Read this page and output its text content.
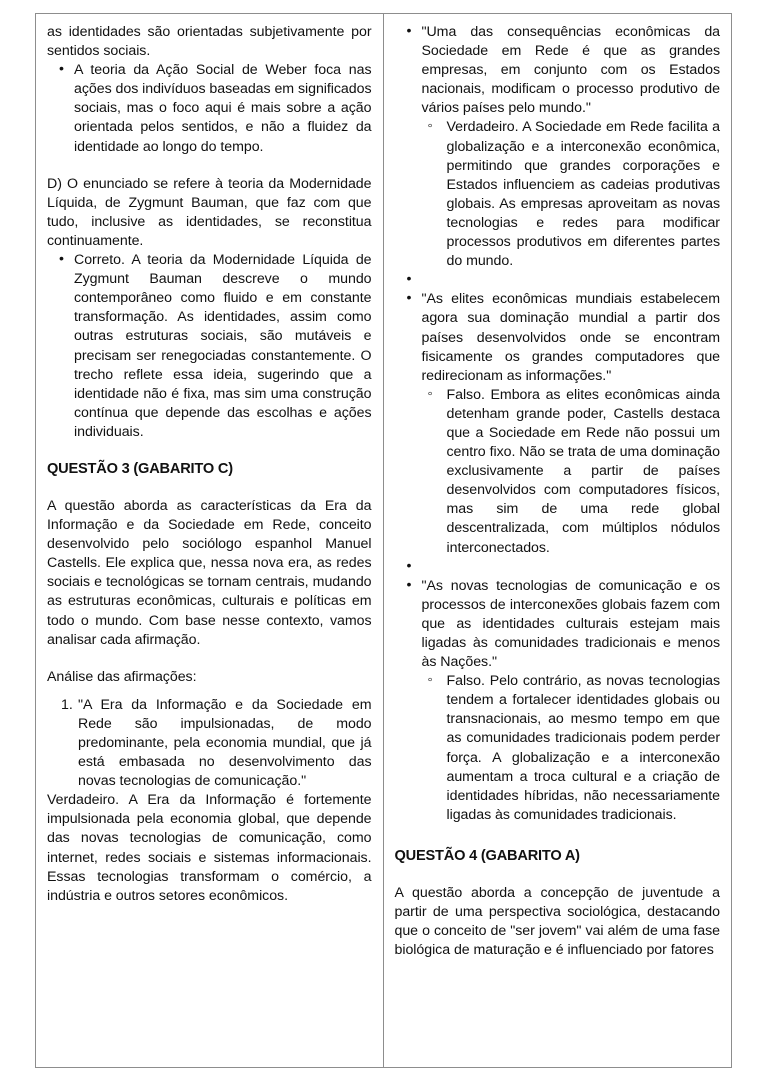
as identidades são orientadas subjetivamente por sentidos sociais.

• A teoria da Ação Social de Weber foca nas ações dos indivíduos baseadas em significados sociais, mas o foco aqui é mais sobre a ação orientada pelos sentidos, e não a fluidez da identidade ao longo do tempo.

D) O enunciado se refere à teoria da Modernidade Líquida, de Zygmunt Bauman, que faz com que tudo, inclusive as identidades, se reconstitua continuamente.

• Correto. A teoria da Modernidade Líquida de Zygmunt Bauman descreve o mundo contemporâneo como fluido e em constante transformação. As identidades, assim como outras estruturas sociais, são mutáveis e precisam ser renegociadas constantemente. O trecho reflete essa ideia, sugerindo que a identidade não é fixa, mas sim uma construção contínua que depende das escolhas e ações individuais.
QUESTÃO 3 (GABARITO C)

A questão aborda as características da Era da Informação e da Sociedade em Rede, conceito desenvolvido pelo sociólogo espanhol Manuel Castells. Ele explica que, nessa nova era, as redes sociais e tecnológicas se tornam centrais, mudando as estruturas econômicas, culturais e políticas em todo o mundo. Com base nesse contexto, vamos analisar cada afirmação.

Análise das afirmações:

1. "A Era da Informação e da Sociedade em Rede são impulsionadas, de modo predominante, pela economia mundial, que já está embasada no desenvolvimento das novas tecnologias de comunicação."

Verdadeiro. A Era da Informação é fortemente impulsionada pela economia global, que depende das novas tecnologias de comunicação, como internet, redes sociais e sistemas informacionais. Essas tecnologias transformam o comércio, a indústria e outros setores econômicos.

• "Uma das consequências econômicas da Sociedade em Rede é que as grandes empresas, em conjunto com os Estados nacionais, modificam o processo produtivo de vários países pelo mundo."
◦ Verdadeiro. A Sociedade em Rede facilita a globalização e a interconexão econômica, permitindo que grandes corporações e Estados influenciem as cadeias produtivas globais. As empresas aproveitam as novas tecnologias e redes para modificar processos produtivos em diferentes partes do mundo.
•
• "As elites econômicas mundiais estabelecem agora sua dominação mundial a partir dos países desenvolvidos onde se encontram fisicamente os grandes computadores que redirecionam as informações."
◦ Falso. Embora as elites econômicas ainda detenham grande poder, Castells destaca que a Sociedade em Rede não possui um centro fixo. Não se trata de uma dominação exclusivamente a partir de países desenvolvidos com computadores físicos, mas sim de uma rede global descentralizada, com múltiplos nódulos interconectados.
•
• "As novas tecnologias de comunicação e os processos de interconexões globais fazem com que as identidades culturais estejam mais ligadas às comunidades tradicionais e menos às Nações."
◦ Falso. Pelo contrário, as novas tecnologias tendem a fortalecer identidades globais ou transnacionais, ao mesmo tempo em que as comunidades tradicionais podem perder força. A globalização e a interconexão aumentam a troca cultural e a criação de identidades híbridas, não necessariamente ligadas às comunidades tradicionais.
QUESTÃO 4 (GABARITO A)

A questão aborda a concepção de juventude a partir de uma perspectiva sociológica, destacando que o conceito de "ser jovem" vai além de uma fase biológica de maturação e é influenciado por fatores
